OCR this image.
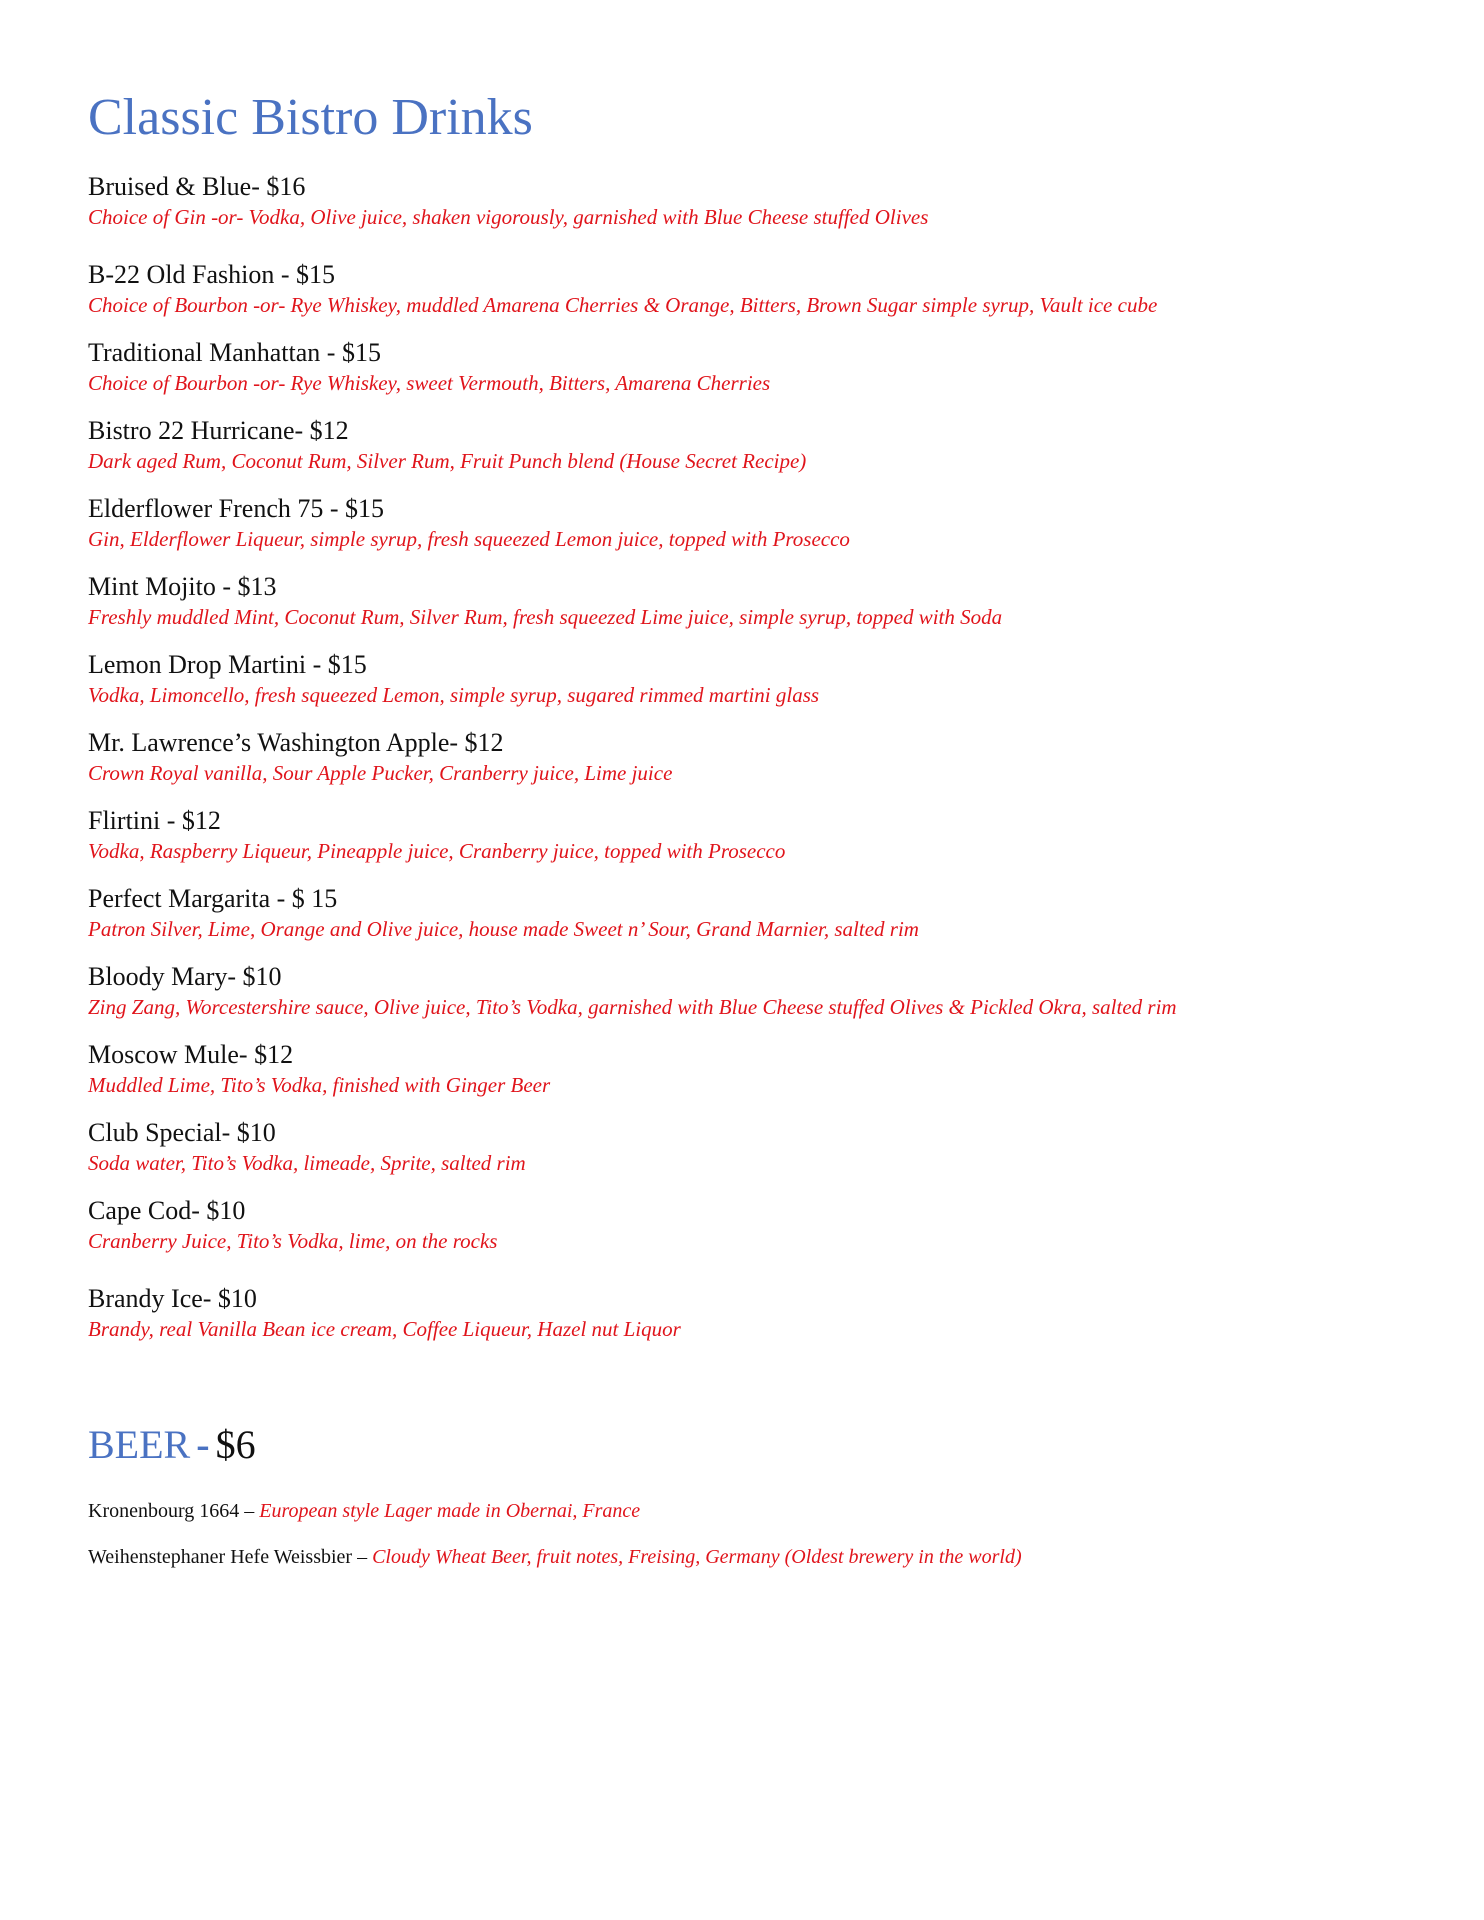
Classic Bistro Drinks
Bruised & Blue- $16
Choice of Gin -or- Vodka, Olive juice, shaken vigorously, garnished with Blue Cheese stuffed Olives
B-22 Old Fashion - $15
Choice of Bourbon -or- Rye Whiskey, muddled Amarena Cherries & Orange, Bitters, Brown Sugar simple syrup, Vault ice cube
Traditional Manhattan - $15
Choice of Bourbon -or- Rye Whiskey, sweet Vermouth, Bitters, Amarena Cherries
Bistro 22 Hurricane- $12
Dark aged Rum, Coconut Rum, Silver Rum, Fruit Punch blend (House Secret Recipe)
Elderflower French 75 - $15
Gin, Elderflower Liqueur, simple syrup, fresh squeezed Lemon juice, topped with Prosecco
Mint Mojito - $13
Freshly muddled Mint, Coconut Rum, Silver Rum, fresh squeezed Lime juice, simple syrup, topped with Soda
Lemon Drop Martini - $15
Vodka, Limoncello, fresh squeezed Lemon, simple syrup, sugared rimmed martini glass
Mr. Lawrence’s Washington Apple- $12
Crown Royal vanilla, Sour Apple Pucker, Cranberry juice, Lime juice
Flirtini - $12
Vodka, Raspberry Liqueur, Pineapple juice, Cranberry juice, topped with Prosecco
Perfect Margarita - $ 15
Patron Silver, Lime, Orange and Olive juice, house made Sweet n’ Sour, Grand Marnier, salted rim
Bloody Mary- $10
Zing Zang, Worcestershire sauce, Olive juice, Tito’s Vodka, garnished with Blue Cheese stuffed Olives & Pickled Okra, salted rim
Moscow Mule- $12
Muddled Lime, Tito’s Vodka, finished with Ginger Beer
Club Special- $10
Soda water, Tito’s Vodka, limeade, Sprite, salted rim
Cape Cod- $10
Cranberry Juice, Tito’s Vodka, lime, on the rocks
Brandy Ice- $10
Brandy, real Vanilla Bean ice cream, Coffee Liqueur, Hazel nut Liquor
BEER - $6
Kronenbourg 1664 – European style Lager made in Obernai, France
Weihenstephaner Hefe Weissbier – Cloudy Wheat Beer, fruit notes, Freising, Germany (Oldest brewery in the world)
